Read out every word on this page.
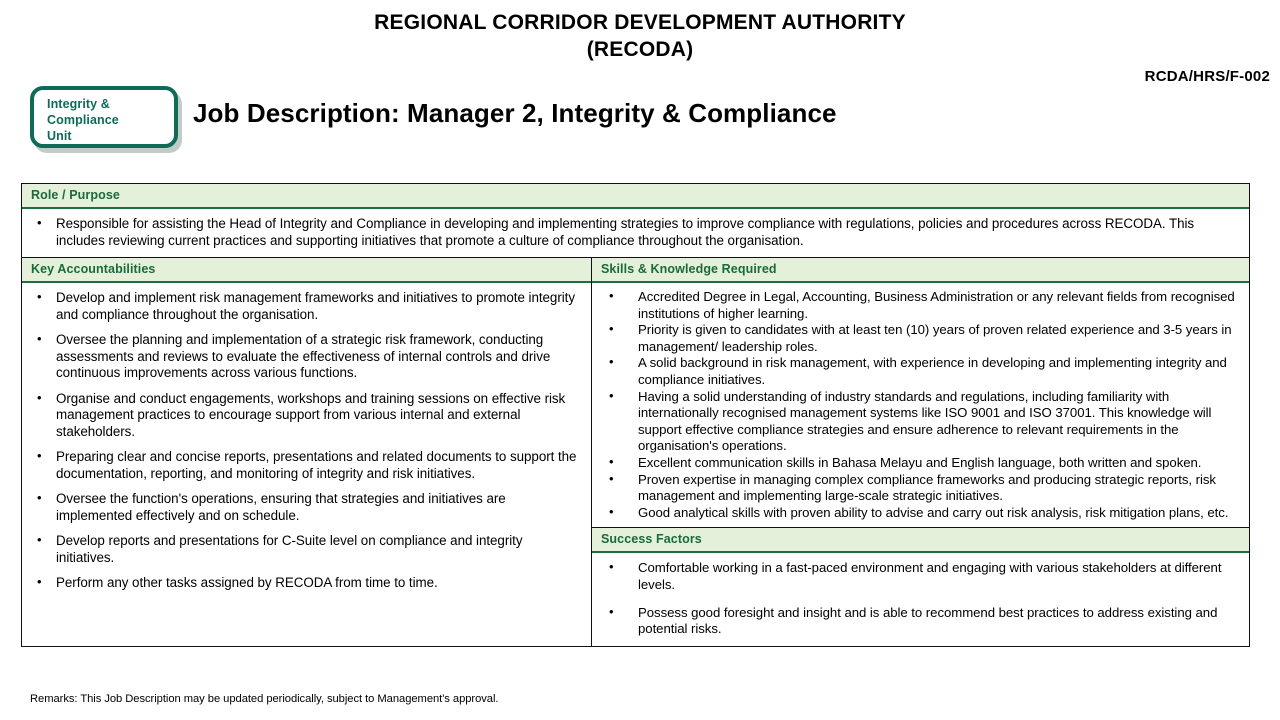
REGIONAL CORRIDOR DEVELOPMENT AUTHORITY
(RECODA)
RCDA/HRS/F-002
Integrity &
Compliance
Unit
Job Description: Manager 2, Integrity & Compliance
Role / Purpose
• Responsible for assisting the Head of Integrity and Compliance in developing and implementing strategies to improve compliance with regulations, policies and procedures across RECODA. This includes reviewing current practices and supporting initiatives that promote a culture of compliance throughout the organisation.
Key Accountabilities
• Develop and implement risk management frameworks and initiatives to promote integrity and compliance throughout the organisation.
• Oversee the planning and implementation of a strategic risk framework, conducting assessments and reviews to evaluate the effectiveness of internal controls and drive continuous improvements across various functions.
• Organise and conduct engagements, workshops and training sessions on effective risk management practices to encourage support from various internal and external stakeholders.
• Preparing clear and concise reports, presentations and related documents to support the documentation, reporting, and monitoring of integrity and risk initiatives.
• Oversee the function's operations, ensuring that strategies and initiatives are implemented effectively and on schedule.
• Develop reports and presentations for C-Suite level on compliance and integrity initiatives.
• Perform any other tasks assigned by RECODA from time to time.
Skills & Knowledge Required
• Accredited Degree in Legal, Accounting, Business Administration or any relevant fields from recognised institutions of higher learning.
• Priority is given to candidates with at least ten (10) years of proven related experience and 3-5 years in management/ leadership roles.
• A solid background in risk management, with experience in developing and implementing integrity and compliance initiatives.
• Having a solid understanding of industry standards and regulations, including familiarity with internationally recognised management systems like ISO 9001 and ISO 37001. This knowledge will support effective compliance strategies and ensure adherence to relevant requirements in the organisation's operations.
• Excellent communication skills in Bahasa Melayu and English language, both written and spoken.
• Proven expertise in managing complex compliance frameworks and producing strategic reports, risk management and implementing large-scale strategic initiatives.
• Good analytical skills with proven ability to advise and carry out risk analysis, risk mitigation plans, etc.
Success Factors
• Comfortable working in a fast-paced environment and engaging with various stakeholders at different levels.
• Possess good foresight and insight and is able to recommend best practices to address existing and potential risks.
Remarks: This Job Description may be updated periodically, subject to Management's approval.
